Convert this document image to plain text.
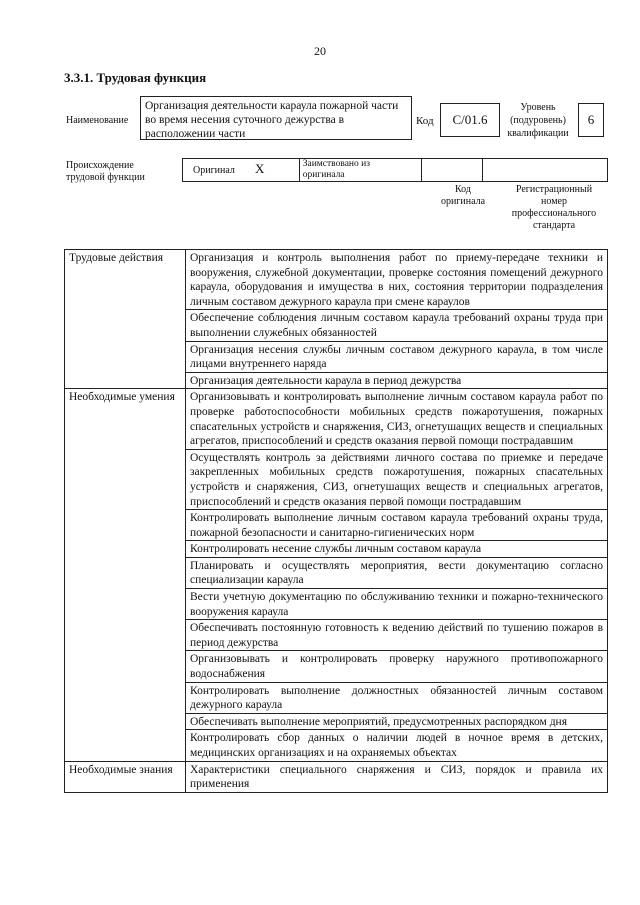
20
3.3.1. Трудовая функция
Наименование
Организация деятельности караула пожарной части во время несения суточного дежурства в расположении части
Код	С/01.6
Уровень (подуровень) квалификации
6
Происхождение трудовой функции
Оригинал X	Заимствовано из оригинала
Код оригинала
Регистрационный номер профессионального стандарта
Трудовые действия	Организация и контроль выполнения работ по приему-передаче техники и вооружения, служебной документации, проверке состояния помещений дежурного караула, оборудования и имущества в них, состояния территории подразделения личным составом дежурного караула при смене караулов
	Обеспечение соблюдения личным составом караула требований охраны труда при выполнении служебных обязанностей
	Организация несения службы личным составом дежурного караула, в том числе лицами внутреннего наряда
	Организация деятельности караула в период дежурства
Необходимые умения	Организовывать и контролировать выполнение личным составом караула работ по проверке работоспособности мобильных средств пожаротушения, пожарных спасательных устройств и снаряжения, СИЗ, огнетушащих веществ и специальных агрегатов, приспособлений и средств оказания первой помощи пострадавшим
	Осуществлять контроль за действиями личного состава по приемке и передаче закрепленных мобильных средств пожаротушения, пожарных спасательных устройств и снаряжения, СИЗ, огнетушащих веществ и специальных агрегатов, приспособлений и средств оказания первой помощи пострадавшим
	Контролировать выполнение личным составом караула требований охраны труда, пожарной безопасности и санитарно-гигиенических норм
	Контролировать несение службы личным составом караула
	Планировать и осуществлять мероприятия, вести документацию согласно специализации караула
	Вести учетную документацию по обслуживанию техники и пожарно-технического вооружения караула
	Обеспечивать постоянную готовность к ведению действий по тушению пожаров в период дежурства
	Организовывать и контролировать проверку наружного противопожарного водоснабжения
	Контролировать выполнение должностных обязанностей личным составом дежурного караула
	Обеспечивать выполнение мероприятий, предусмотренных распорядком дня
	Контролировать сбор данных о наличии людей в ночное время в детских, медицинских организациях и на охраняемых объектах
Необходимые знания	Характеристики специального снаряжения и СИЗ, порядок и правила их применения
